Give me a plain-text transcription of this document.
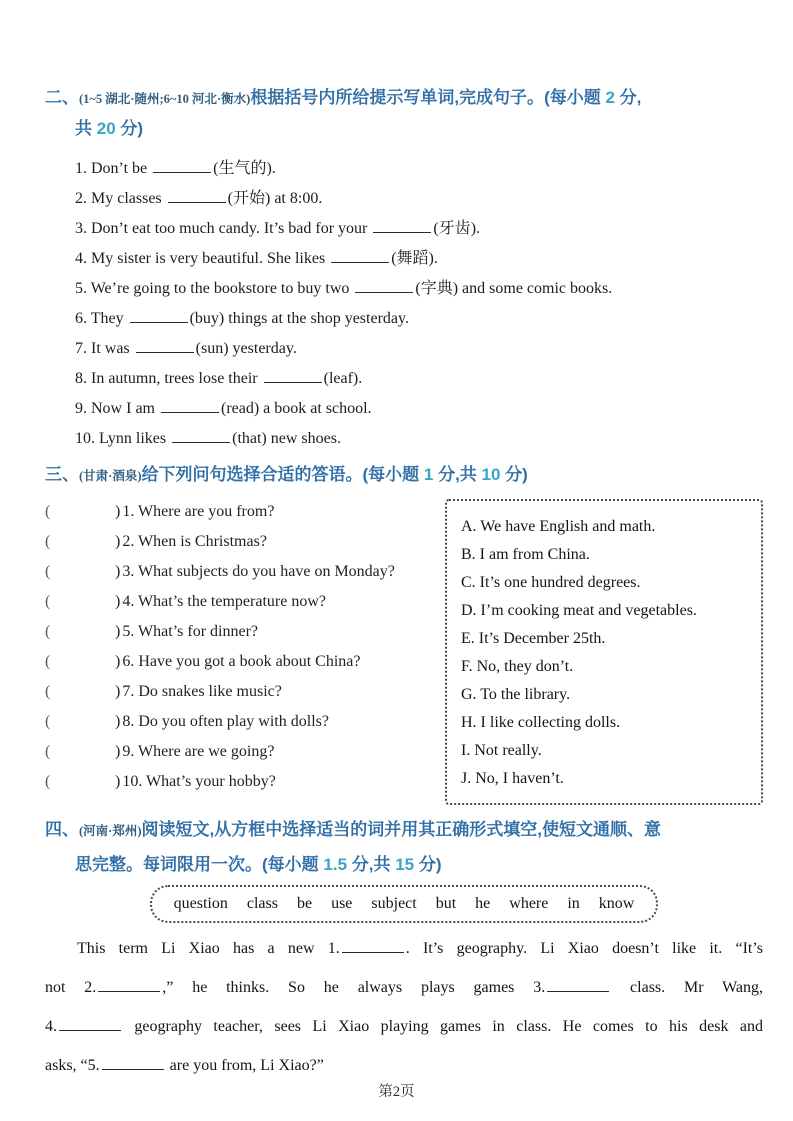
二、(1~5 湖北·随州;6~10 河北·衡水)根据括号内所给提示写单词,完成句子。(每小题 2 分,
共 20 分)
1. Don’t be	(生气的).
2. My classes	(开始) at 8:00.
3. Don’t eat too much candy. It’s bad for your	(牙齿).
4. My sister is very beautiful. She likes	(舞蹈).
5. We’re going to the bookstore to buy two	(字典) and some comic books.
6. They	(buy) things at the shop yesterday.
7. It was	(sun) yesterday.
8. In autumn, trees lose their	(leaf).
9. Now I am	(read) a book at school.
10. Lynn likes	(that) new shoes.
三、(甘肃·酒泉)给下列问句选择合适的答语。(每小题 1 分,共 10 分)
(	) 1. Where are you from?
(	) 2. When is Christmas?
(	) 3. What subjects do you have on Monday?
(	) 4. What’s the temperature now?
(	) 5. What’s for dinner?
(	) 6. Have you got a book about China?
(	) 7. Do snakes like music?
(	) 8. Do you often play with dolls?
(	) 9. Where are we going?
(	) 10. What’s your hobby?
A. We have English and math.
B. I am from China.
C. It’s one hundred degrees.
D. I’m cooking meat and vegetables.
E. It’s December 25th.
F. No, they don’t.
G. To the library.
H. I like collecting dolls.
I. Not really.
J. No, I haven’t.
四、(河南·郑州)阅读短文,从方框中选择适当的词并用其正确形式填空,使短文通顺、意
思完整。每词限用一次。(每小题 1.5 分,共 15 分)
question class be use subject but he where in know
This term Li Xiao has a new 1.	. It’s geography. Li Xiao doesn’t like it. “It’s
not 2.	,” he thinks. So he always plays games 3.	class. Mr Wang,
4.	geography teacher, sees Li Xiao playing games in class. He comes to his desk and
asks, “5.	are you from, Li Xiao?”
第2页
